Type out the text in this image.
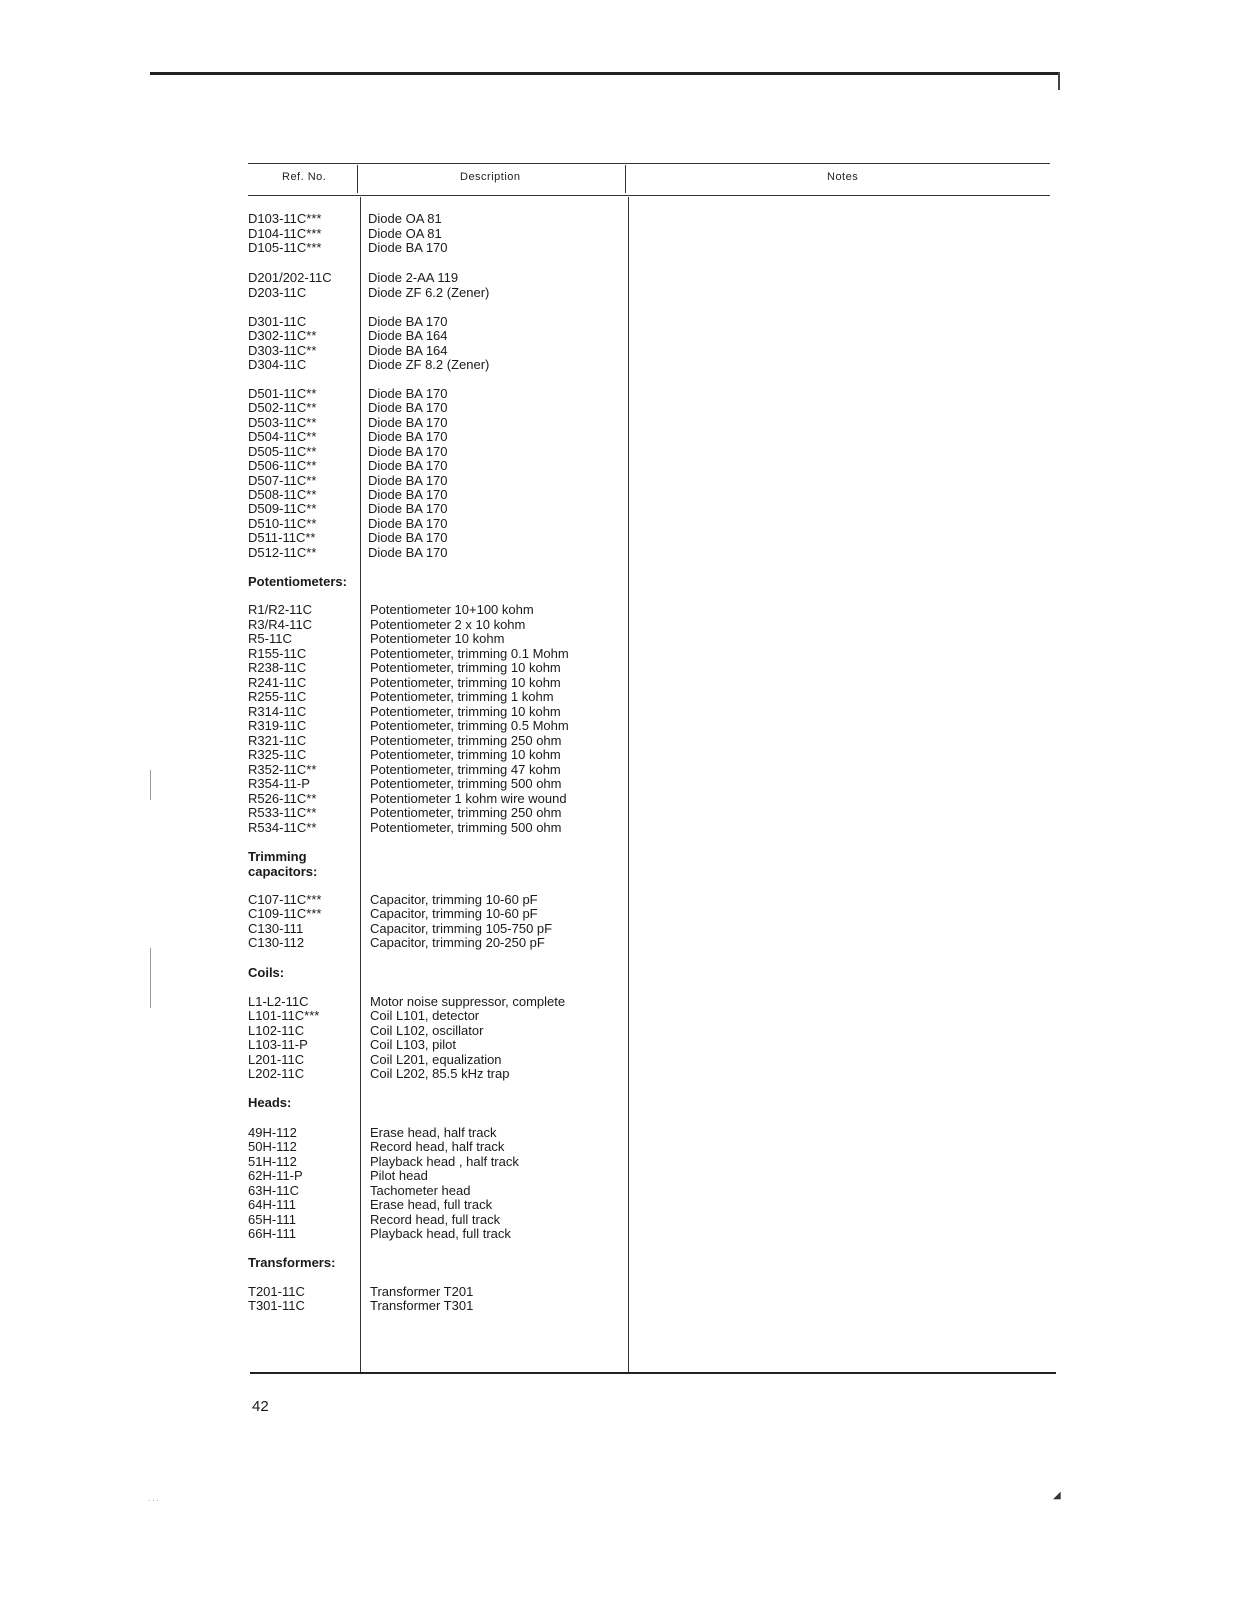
Ref. No.	Description	Notes
D103-11C***	Diode OA 81
D104-11C***	Diode OA 81
D105-11C***	Diode BA 170
D201/202-11C	Diode 2-AA 119
D203-11C	Diode ZF 6.2 (Zener)
D301-11C	Diode BA 170
D302-11C**	Diode BA 164
D303-11C**	Diode BA 164
D304-11C	Diode ZF 8.2 (Zener)
D501-11C**	Diode BA 170
D502-11C**	Diode BA 170
D503-11C**	Diode BA 170
D504-11C**	Diode BA 170
D505-11C**	Diode BA 170
D506-11C**	Diode BA 170
D507-11C**	Diode BA 170
D508-11C**	Diode BA 170
D509-11C**	Diode BA 170
D510-11C**	Diode BA 170
D511-11C**	Diode BA 170
D512-11C**	Diode BA 170
R1/R2-11C	Potentiometer 10+100 kohm
R3/R4-11C	Potentiometer 2 x 10 kohm
R5-11C	Potentiometer 10 kohm
R155-11C	Potentiometer, trimming 0.1 Mohm
R238-11C	Potentiometer, trimming 10 kohm
R241-11C	Potentiometer, trimming 10 kohm
R255-11C	Potentiometer, trimming 1 kohm
R314-11C	Potentiometer, trimming 10 kohm
R319-11C	Potentiometer, trimming 0.5 Mohm
R321-11C	Potentiometer, trimming 250 ohm
R325-11C	Potentiometer, trimming 10 kohm
R352-11C**	Potentiometer, trimming 47 kohm
R354-11-P	Potentiometer, trimming 500 ohm
R526-11C**	Potentiometer 1 kohm wire wound
R533-11C**	Potentiometer, trimming 250 ohm
R534-11C**	Potentiometer, trimming 500 ohm
C107-11C***	Capacitor, trimming 10-60 pF
C109-11C***	Capacitor, trimming 10-60 pF
C130-111	Capacitor, trimming 105-750 pF
C130-112	Capacitor, trimming 20-250 pF
L1-L2-11C	Motor noise suppressor, complete
L101-11C***	Coil L101, detector
L102-11C	Coil L102, oscillator
L103-11-P	Coil L103, pilot
L201-11C	Coil L201, equalization
L202-11C	Coil L202, 85.5 kHz trap
49H-112	Erase head, half track
50H-112	Record head, half track
51H-112	Playback head , half track
62H-11-P	Pilot head
63H-11C	Tachometer head
64H-111	Erase head, full track
65H-111	Record head, full track
66H-111	Playback head, full track
T201-11C	Transformer T201
T301-11C	Transformer T301
Potentiometers:
Trimming
capacitors:
Coils:
Heads:
Transformers:
42
◢
...
